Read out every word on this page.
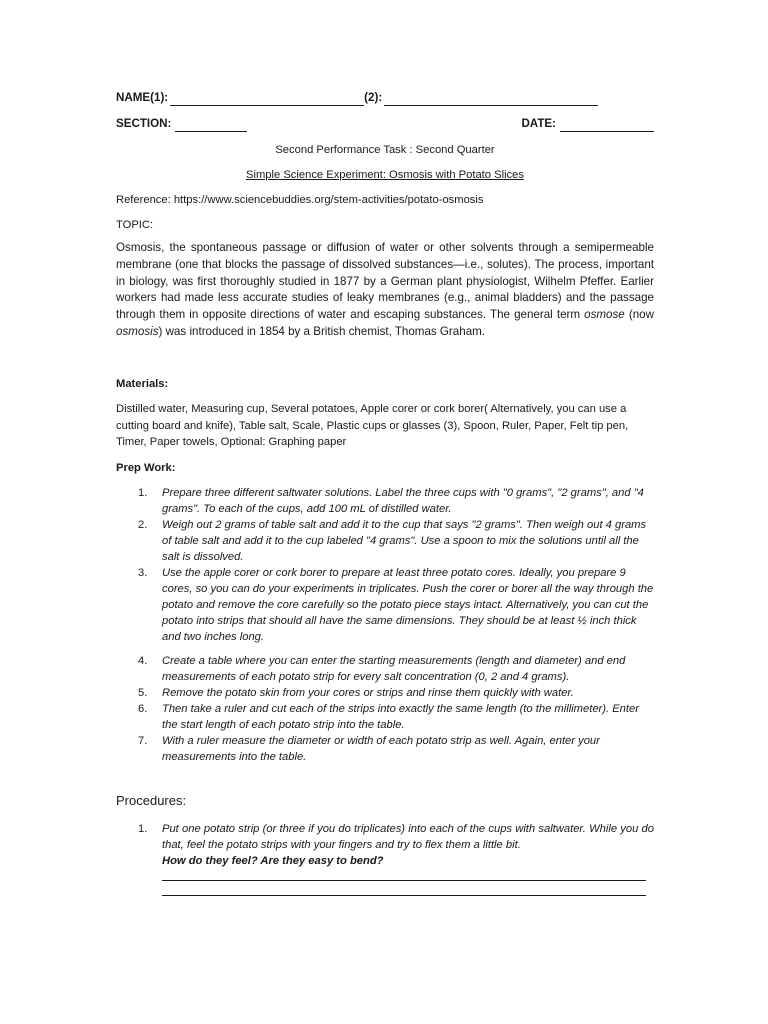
NAME(1):	(2):
SECTION:	DATE:
Second Performance Task : Second Quarter
Simple Science Experiment: Osmosis with Potato Slices
Reference: https://www.sciencebuddies.org/stem-activities/potato-osmosis
TOPIC:

Osmosis, the spontaneous passage or diffusion of water or other solvents through a semipermeable membrane (one that blocks the passage of dissolved substances—i.e., solutes). The process, important in biology, was first thoroughly studied in 1877 by a German plant physiologist, Wilhelm Pfeffer. Earlier workers had made less accurate studies of leaky membranes (e.g., animal bladders) and the passage through them in opposite directions of water and escaping substances. The general term osmose (now osmosis) was introduced in 1854 by a British chemist, Thomas Graham.

Materials:

Distilled water, Measuring cup, Several potatoes, Apple corer or cork borer( Alternatively, you can use a cutting board and knife), Table salt, Scale, Plastic cups or glasses (3), Spoon, Ruler, Paper, Felt tip pen, Timer, Paper towels, Optional: Graphing paper

Prep Work:
1.	Prepare three different saltwater solutions. Label the three cups with "0 grams", "2 grams", and "4 grams". To each of the cups, add 100 mL of distilled water.
2.	Weigh out 2 grams of table salt and add it to the cup that says "2 grams". Then weigh out 4 grams of table salt and add it to the cup labeled "4 grams". Use a spoon to mix the solutions until all the salt is dissolved.
3.	Use the apple corer or cork borer to prepare at least three potato cores. Ideally, you prepare 9 cores, so you can do your experiments in triplicates. Push the corer or borer all the way through the potato and remove the core carefully so the potato piece stays intact. Alternatively, you can cut the potato into strips that should all have the same dimensions. They should be at least ½ inch thick and two inches long.
4.	Create a table where you can enter the starting measurements (length and diameter) and end measurements of each potato strip for every salt concentration (0, 2 and 4 grams).
5.	Remove the potato skin from your cores or strips and rinse them quickly with water.
6.	Then take a ruler and cut each of the strips into exactly the same length (to the millimeter). Enter the start length of each potato strip into the table.
7.	With a ruler measure the diameter or width of each potato strip as well. Again, enter your measurements into the table.
Procedures:
1.	Put one potato strip (or three if you do triplicates) into each of the cups with saltwater. While you do that, feel the potato strips with your fingers and try to flex them a little bit.
How do they feel? Are they easy to bend?
